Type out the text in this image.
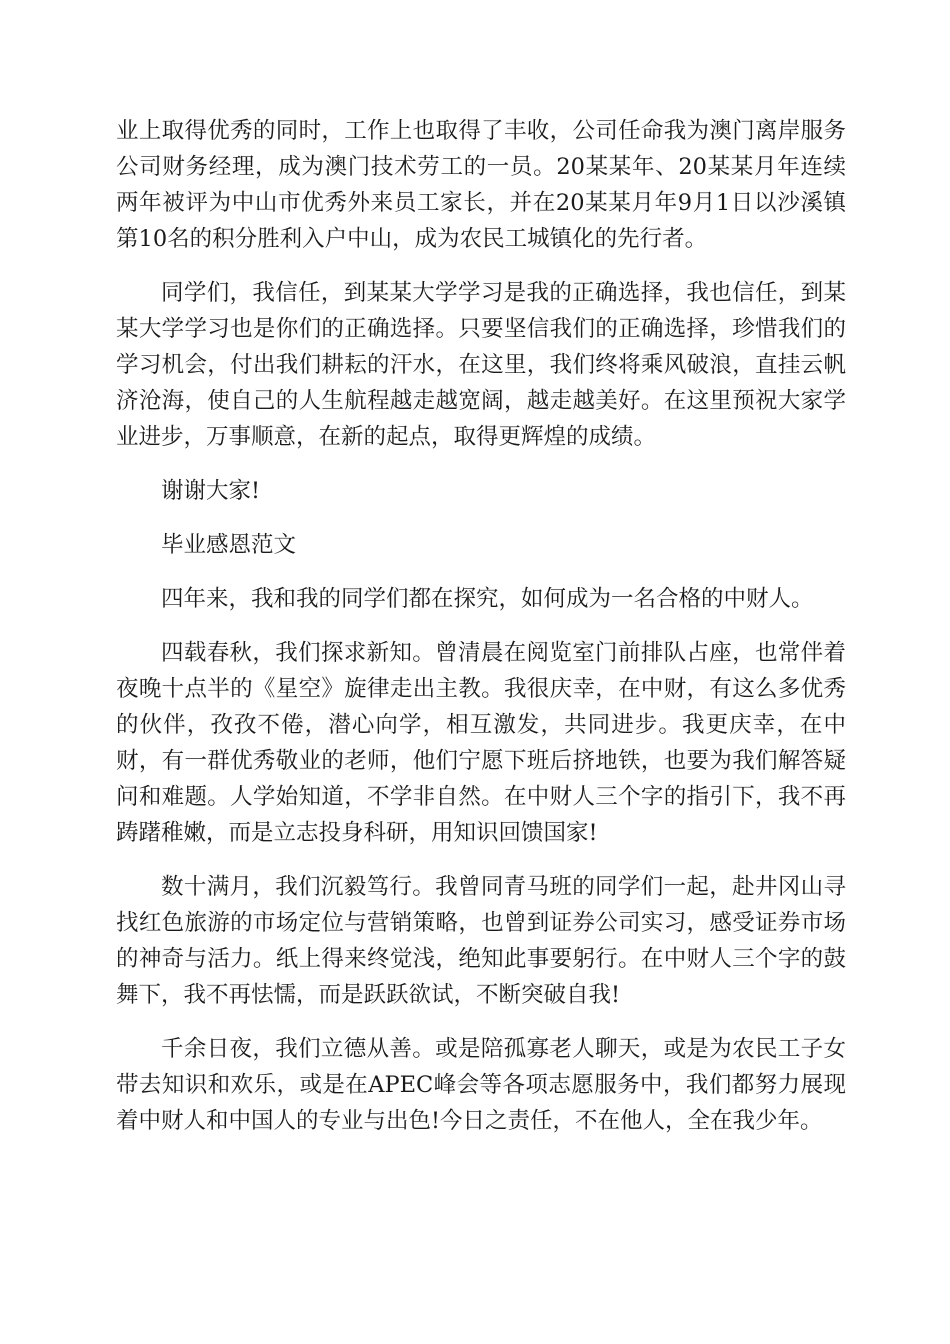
业上取得优秀的同时，工作上也取得了丰收，公司任命我为澳门离岸服务公司财务经理，成为澳门技术劳工的一员。20某某年、20某某月年连续两年被评为中山市优秀外来员工家长，并在20某某月年9月1日以沙溪镇第10名的积分胜利入户中山，成为农民工城镇化的先行者。

同学们，我信任，到某某大学学习是我的正确选择，我也信任，到某某大学学习也是你们的正确选择。只要坚信我们的正确选择，珍惜我们的学习机会，付出我们耕耘的汗水，在这里，我们终将乘风破浪，直挂云帆济沧海，使自己的人生航程越走越宽阔，越走越美好。在这里预祝大家学业进步，万事顺意，在新的起点，取得更辉煌的成绩。

谢谢大家!

毕业感恩范文

四年来，我和我的同学们都在探究，如何成为一名合格的中财人。

四载春秋，我们探求新知。曾清晨在阅览室门前排队占座，也常伴着夜晚十点半的《星空》旋律走出主教。我很庆幸，在中财，有这么多优秀的伙伴，孜孜不倦，潜心向学，相互激发，共同进步。我更庆幸，在中财，有一群优秀敬业的老师，他们宁愿下班后挤地铁，也要为我们解答疑问和难题。人学始知道，不学非自然。在中财人三个字的指引下，我不再踌躇稚嫩，而是立志投身科研，用知识回馈国家!

数十满月，我们沉毅笃行。我曾同青马班的同学们一起，赴井冈山寻找红色旅游的市场定位与营销策略，也曾到证券公司实习，感受证券市场的神奇与活力。纸上得来终觉浅，绝知此事要躬行。在中财人三个字的鼓舞下，我不再怯懦，而是跃跃欲试，不断突破自我!

千余日夜，我们立德从善。或是陪孤寡老人聊天，或是为农民工子女带去知识和欢乐，或是在APEC峰会等各项志愿服务中，我们都努力展现着中财人和中国人的专业与出色!今日之责任，不在他人，全在我少年。
